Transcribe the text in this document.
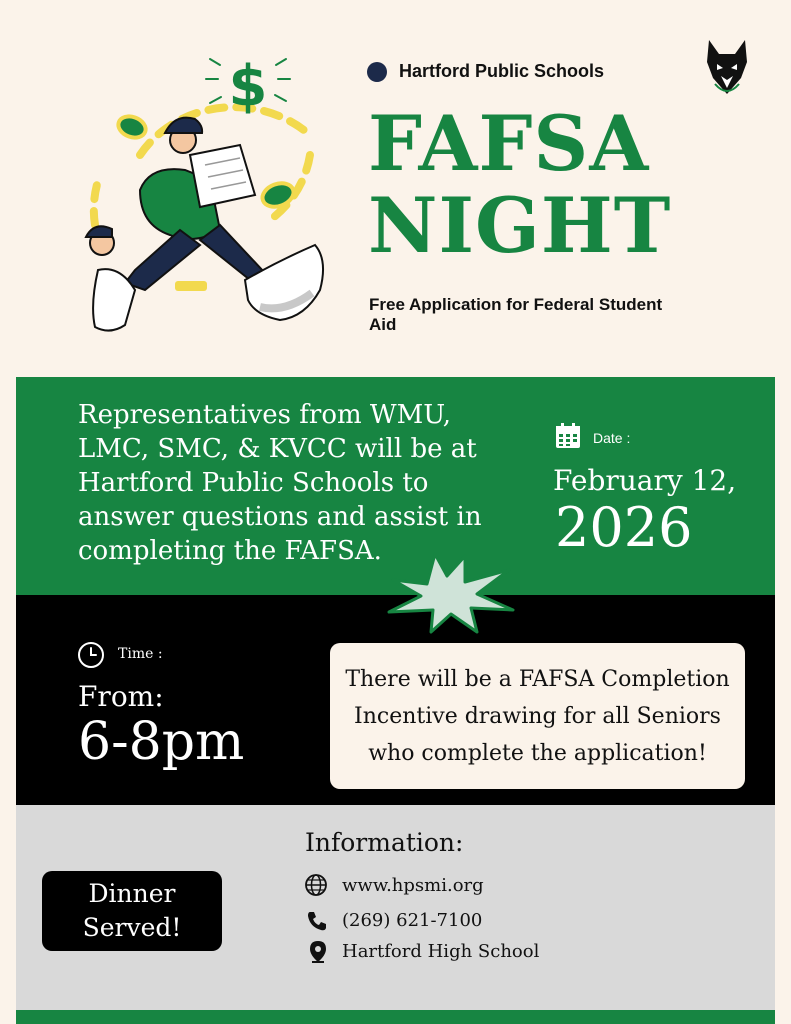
$	Hartford Public Schools
FAFSA
NIGHT
Free Application for Federal Student Aid
Representatives from WMU, LMC, SMC, & KVCC will be at Hartford Public Schools to answer questions and assist in completing the FAFSA.
Date :
February 12,
2026
Time :
From:
6-8pm
There will be a FAFSA Completion Incentive drawing for all Seniors who complete the application!
Dinner Served!
Information:
www.hpsmi.org
(269) 621-7100
Hartford High School
